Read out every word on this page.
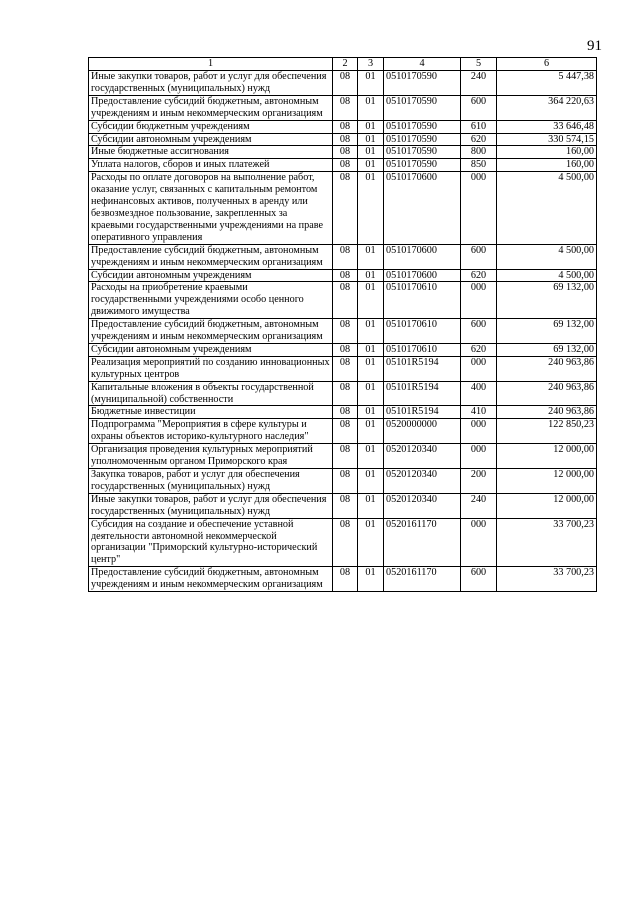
91
1	2	3	4	5	6
Иные закупки товаров, работ и услуг для обеспечения государственных (муниципальных) нужд	08	01	0510170590	240	5 447,38
Предоставление субсидий бюджетным, автономным учреждениям и иным некоммерческим организациям	08	01	0510170590	600	364 220,63
Субсидии бюджетным учреждениям	08	01	0510170590	610	33 646,48
Субсидии автономным учреждениям	08	01	0510170590	620	330 574,15
Иные бюджетные ассигнования	08	01	0510170590	800	160,00
Уплата налогов, сборов и иных платежей	08	01	0510170590	850	160,00
Расходы по оплате договоров на выполнение работ, оказание услуг, связанных с капитальным ремонтом нефинансовых активов, полученных в аренду или безвозмездное пользование, закрепленных за краевыми государственными учреждениями на праве оперативного управления	08	01	0510170600	000	4 500,00
Предоставление субсидий бюджетным, автономным учреждениям и иным некоммерческим организациям	08	01	0510170600	600	4 500,00
Субсидии автономным учреждениям	08	01	0510170600	620	4 500,00
Расходы на приобретение краевыми государственными учреждениями особо ценного движимого имущества	08	01	0510170610	000	69 132,00
Предоставление субсидий бюджетным, автономным учреждениям и иным некоммерческим организациям	08	01	0510170610	600	69 132,00
Субсидии автономным учреждениям	08	01	0510170610	620	69 132,00
Реализация мероприятий по созданию инновационных культурных центров	08	01	05101R5194	000	240 963,86
Капитальные вложения в объекты государственной (муниципальной) собственности	08	01	05101R5194	400	240 963,86
Бюджетные инвестиции	08	01	05101R5194	410	240 963,86
Подпрограмма "Мероприятия в сфере культуры и охраны объектов историко-культурного наследия"	08	01	0520000000	000	122 850,23
Организация проведения культурных мероприятий уполномоченным органом Приморского края	08	01	0520120340	000	12 000,00
Закупка товаров, работ и услуг для обеспечения государственных (муниципальных) нужд	08	01	0520120340	200	12 000,00
Иные закупки товаров, работ и услуг для обеспечения государственных (муниципальных) нужд	08	01	0520120340	240	12 000,00
Субсидия на создание и обеспечение уставной деятельности автономной некоммерческой организации "Приморский культурно-исторический центр"	08	01	0520161170	000	33 700,23
Предоставление субсидий бюджетным, автономным учреждениям и иным некоммерческим организациям	08	01	0520161170	600	33 700,23
